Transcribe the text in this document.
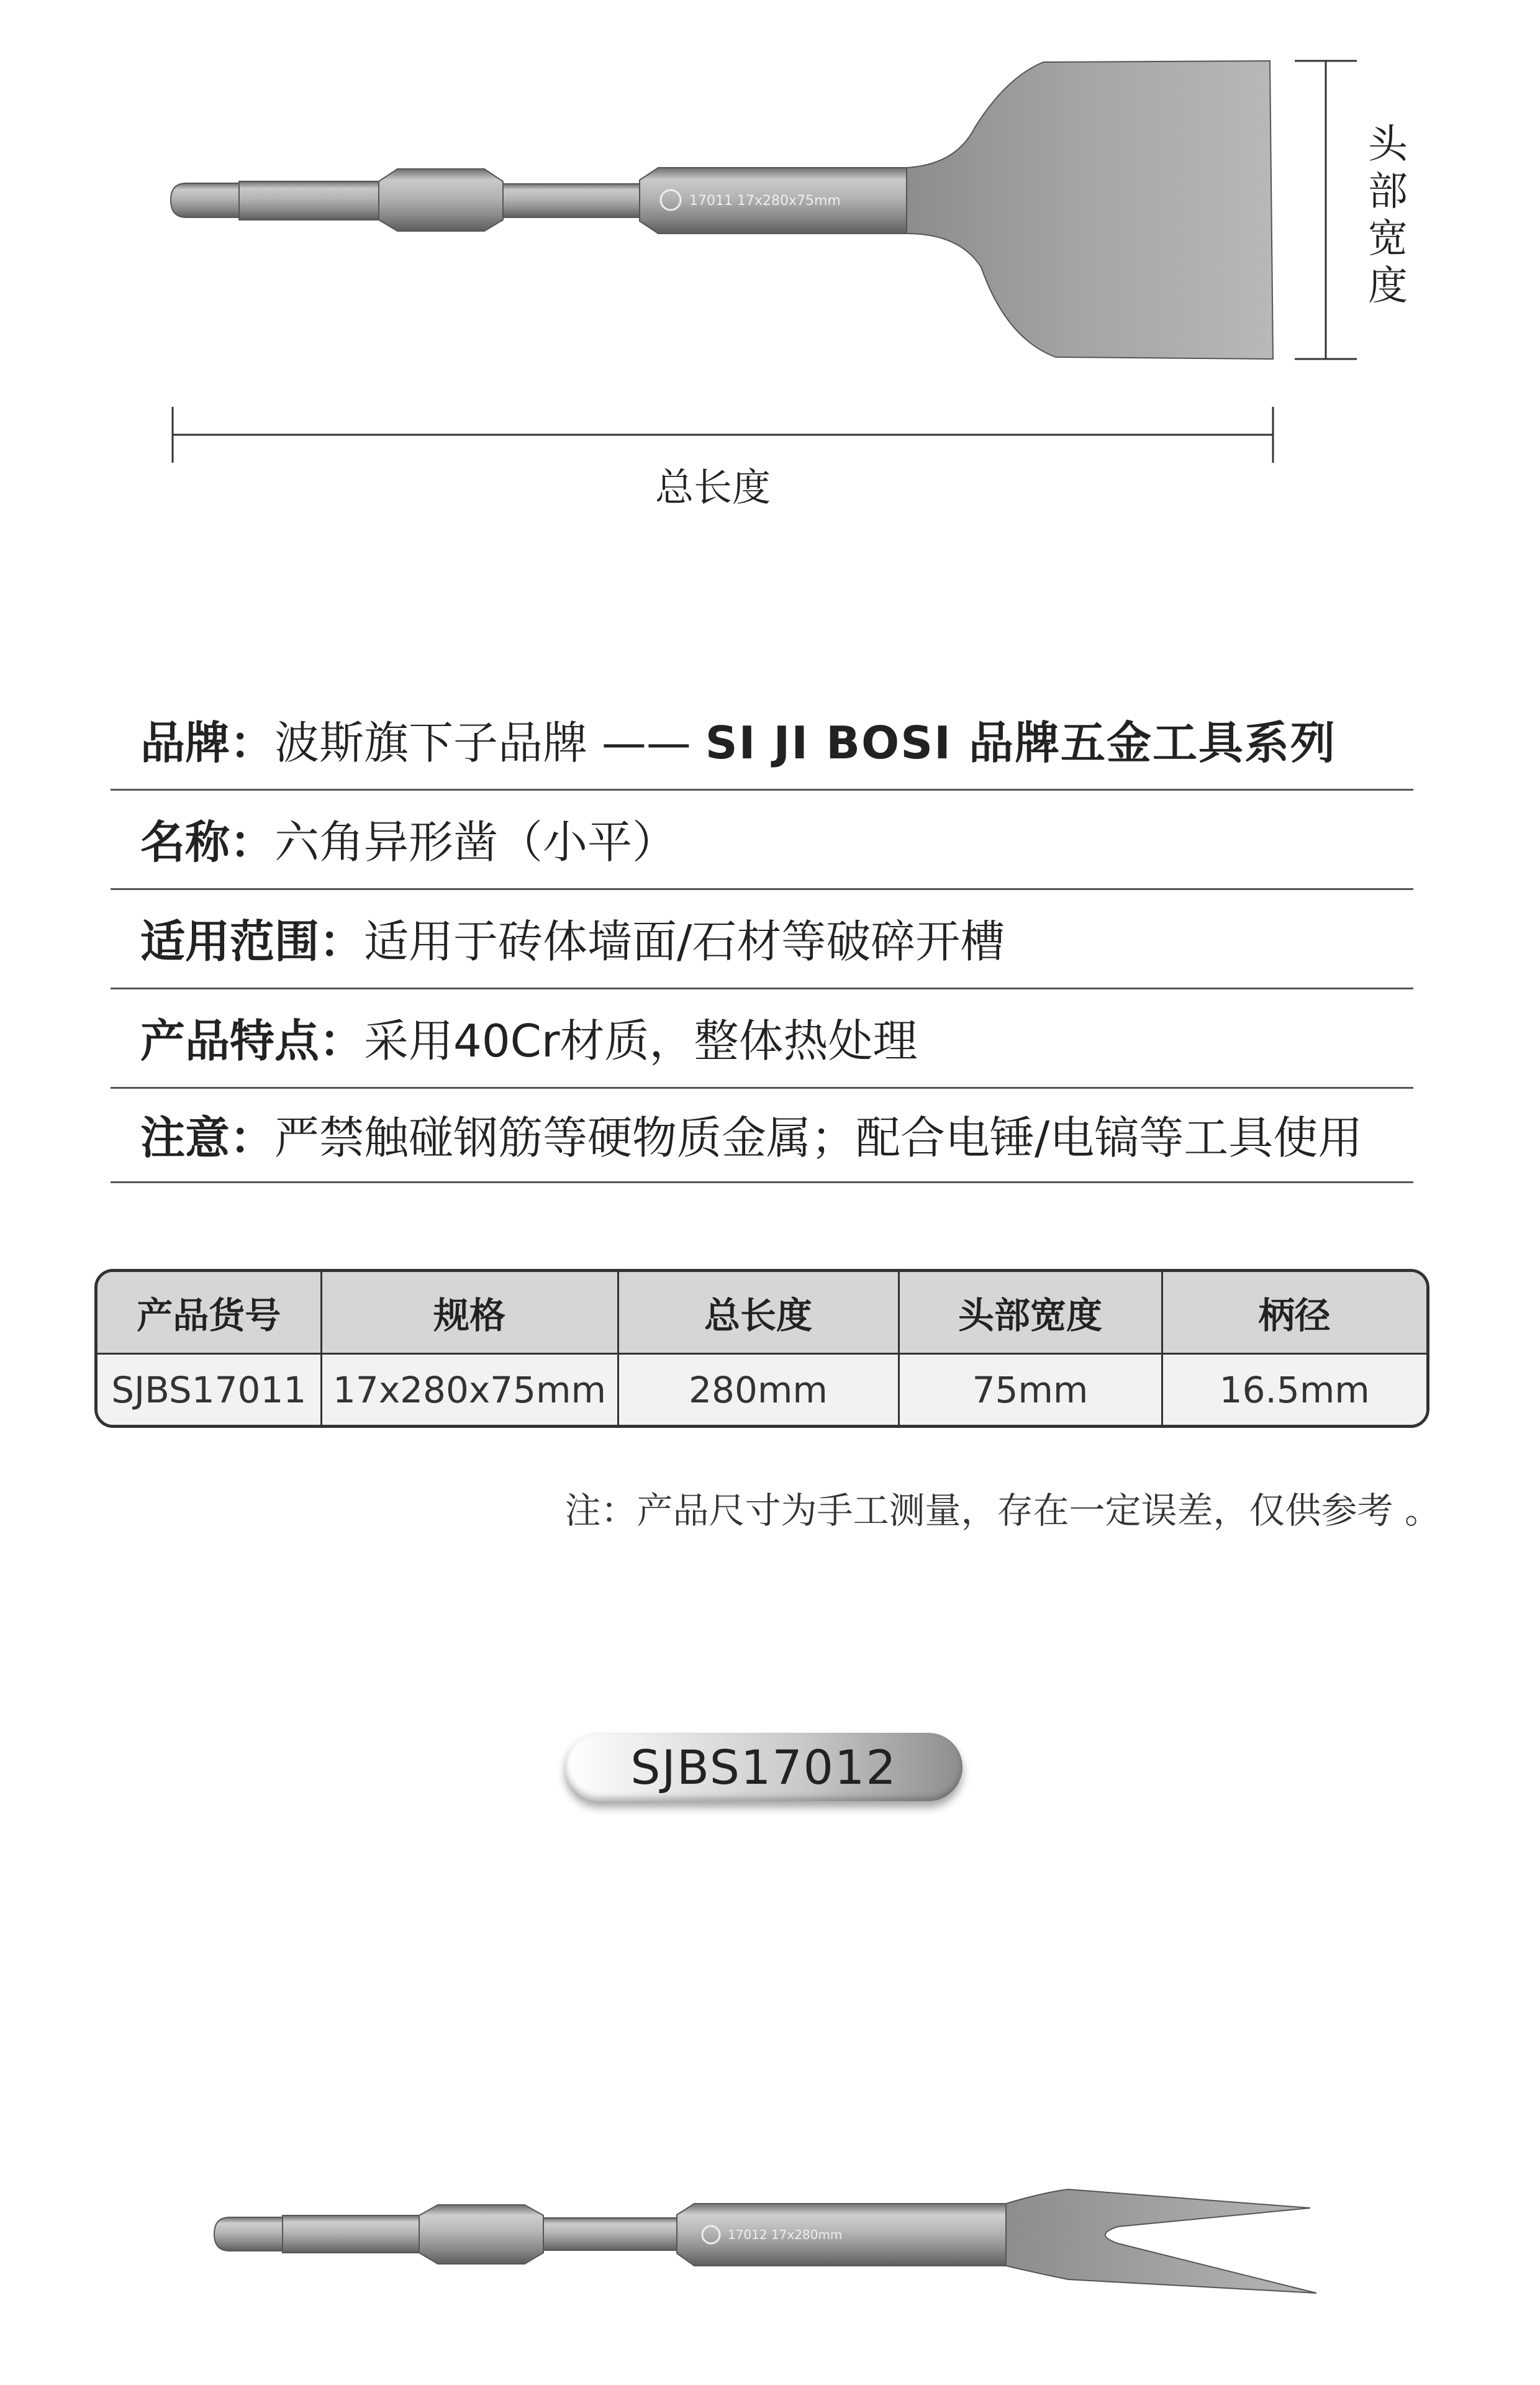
17011 17x280x75mm
头部宽度
总长度
品牌： 波斯旗下子品牌 —— SI JI BOSI 品牌五金工具系列
名称： 六角异形凿（小平）
适用范围： 适用于砖体墙面/石材等破碎开槽
产品特点： 采用40Cr材质，整体热处理
注意： 严禁触碰钢筋等硬物质金属；配合电锤/电镐等工具使用
产品货号	规格	总长度	头部宽度	柄径
SJBS17011	17x280x75mm	280mm	75mm	16.5mm
注：产品尺寸为手工测量，存在一定误差，仅供参考 。
SJBS17012
17012 17x280mm
